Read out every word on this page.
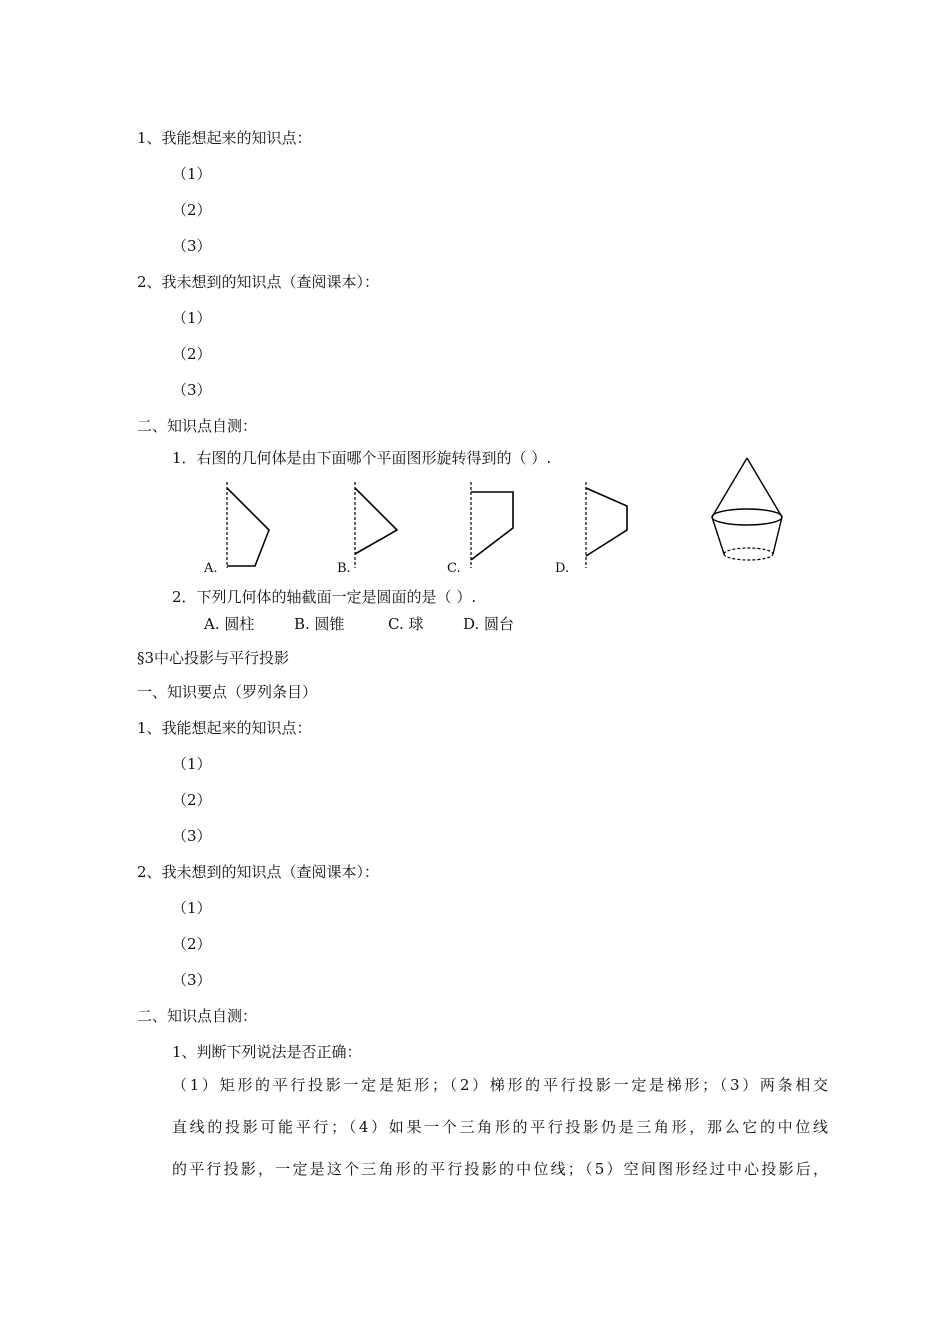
1、我能想起来的知识点：
（1）
（2）
（3）
2、我未想到的知识点（查阅课本）：
（1）
（2）
（3）
二、知识点自测：
1．右图的几何体是由下面哪个平面图形旋转得到的（ ）.
A.	B.	C.	D.
2．下列几何体的轴截面一定是圆面的是（ ）.
A. 圆柱	B. 圆锥	C. 球	D. 圆台
§3中心投影与平行投影
一、知识要点（罗列条目）
1、我能想起来的知识点：
（1）
（2）
（3）
2、我未想到的知识点（查阅课本）：
（1）
（2）
（3）
二、知识点自测：
1、判断下列说法是否正确：
（1）矩形的平行投影一定是矩形；（2）梯形的平行投影一定是梯形；（3）两条相交
直线的投影可能平行；（4）如果一个三角形的平行投影仍是三角形，那么它的中位线
的平行投影，一定是这个三角形的平行投影的中位线；（5）空间图形经过中心投影后，
